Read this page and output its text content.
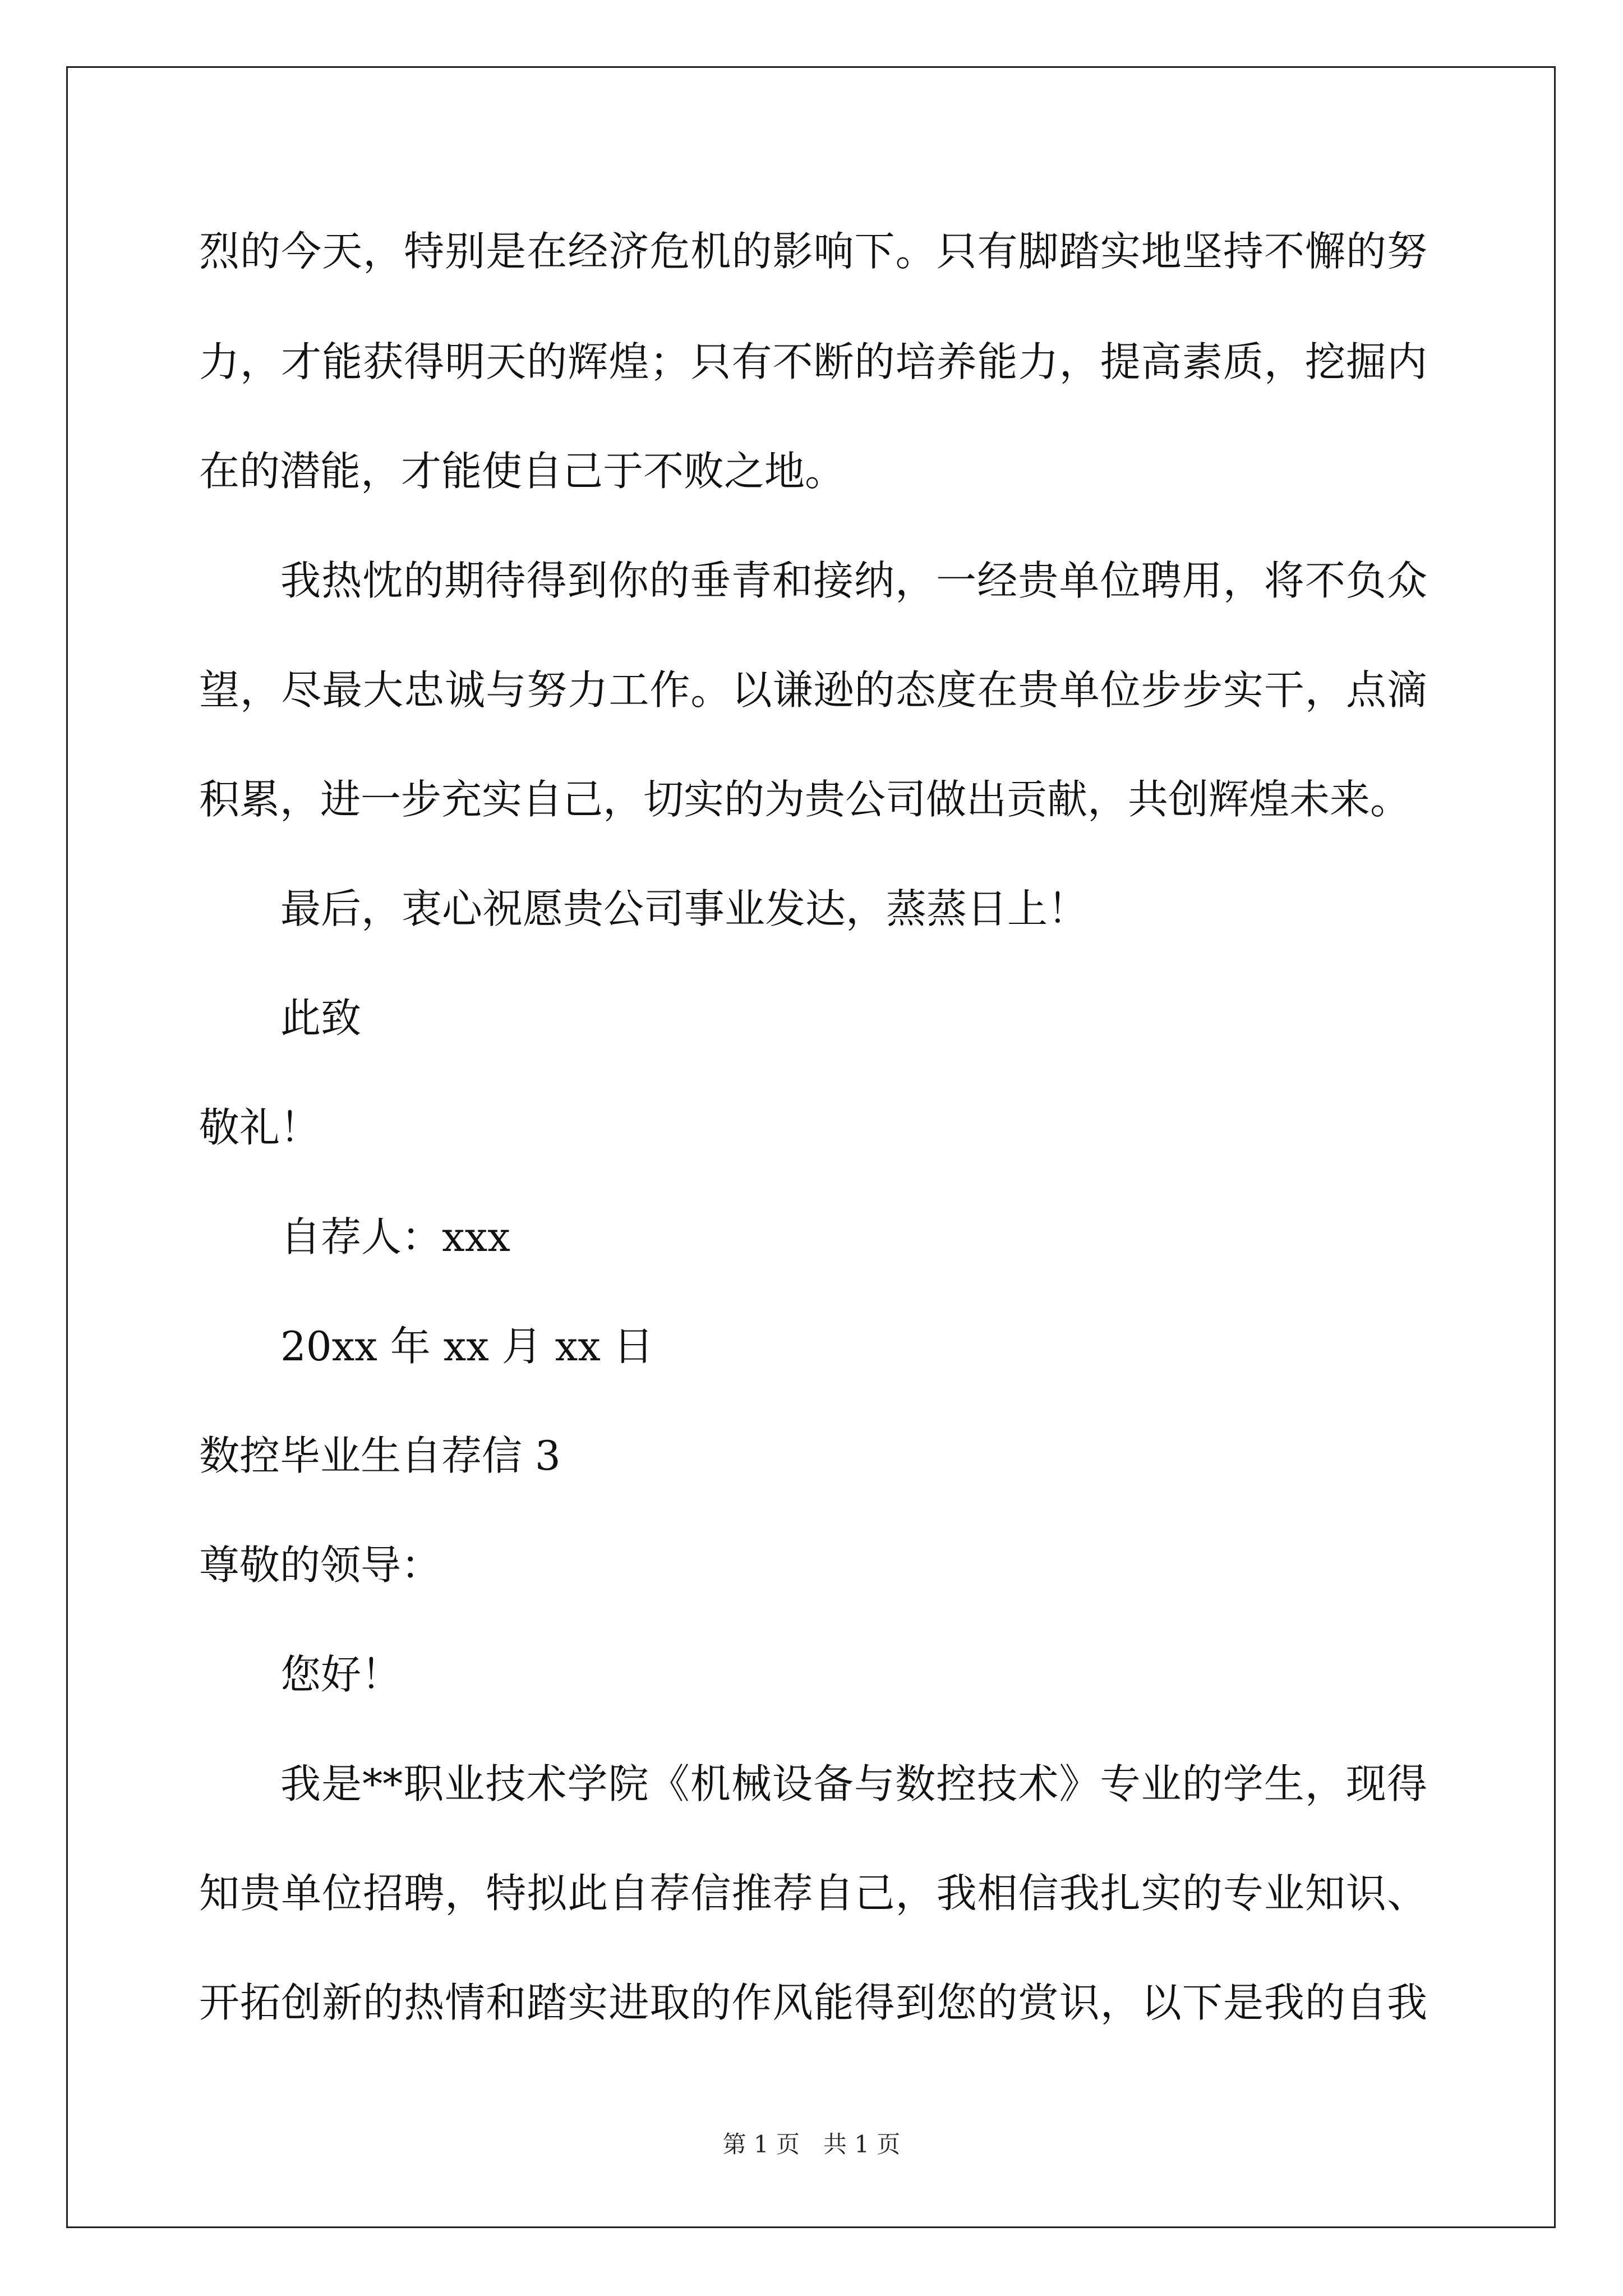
烈的今天，特别是在经济危机的影响下。只有脚踏实地坚持不懈的努
力，才能获得明天的辉煌；只有不断的培养能力，提高素质，挖掘内
在的潜能，才能使自己于不败之地。
我热忱的期待得到你的垂青和接纳，一经贵单位聘用，将不负众
望，尽最大忠诚与努力工作。以谦逊的态度在贵单位步步实干，点滴
积累，进一步充实自己，切实的为贵公司做出贡献，共创辉煌未来。
最后，衷心祝愿贵公司事业发达，蒸蒸日上！
此致
敬礼！
自荐人：xxx
20xx 年 xx 月 xx 日
数控毕业生自荐信 3
尊敬的领导：
您好！
我是**职业技术学院《机械设备与数控技术》专业的学生，现得
知贵单位招聘，特拟此自荐信推荐自己，我相信我扎实的专业知识、
开拓创新的热情和踏实进取的作风能得到您的赏识，以下是我的自我
第 1 页　共 1 页
